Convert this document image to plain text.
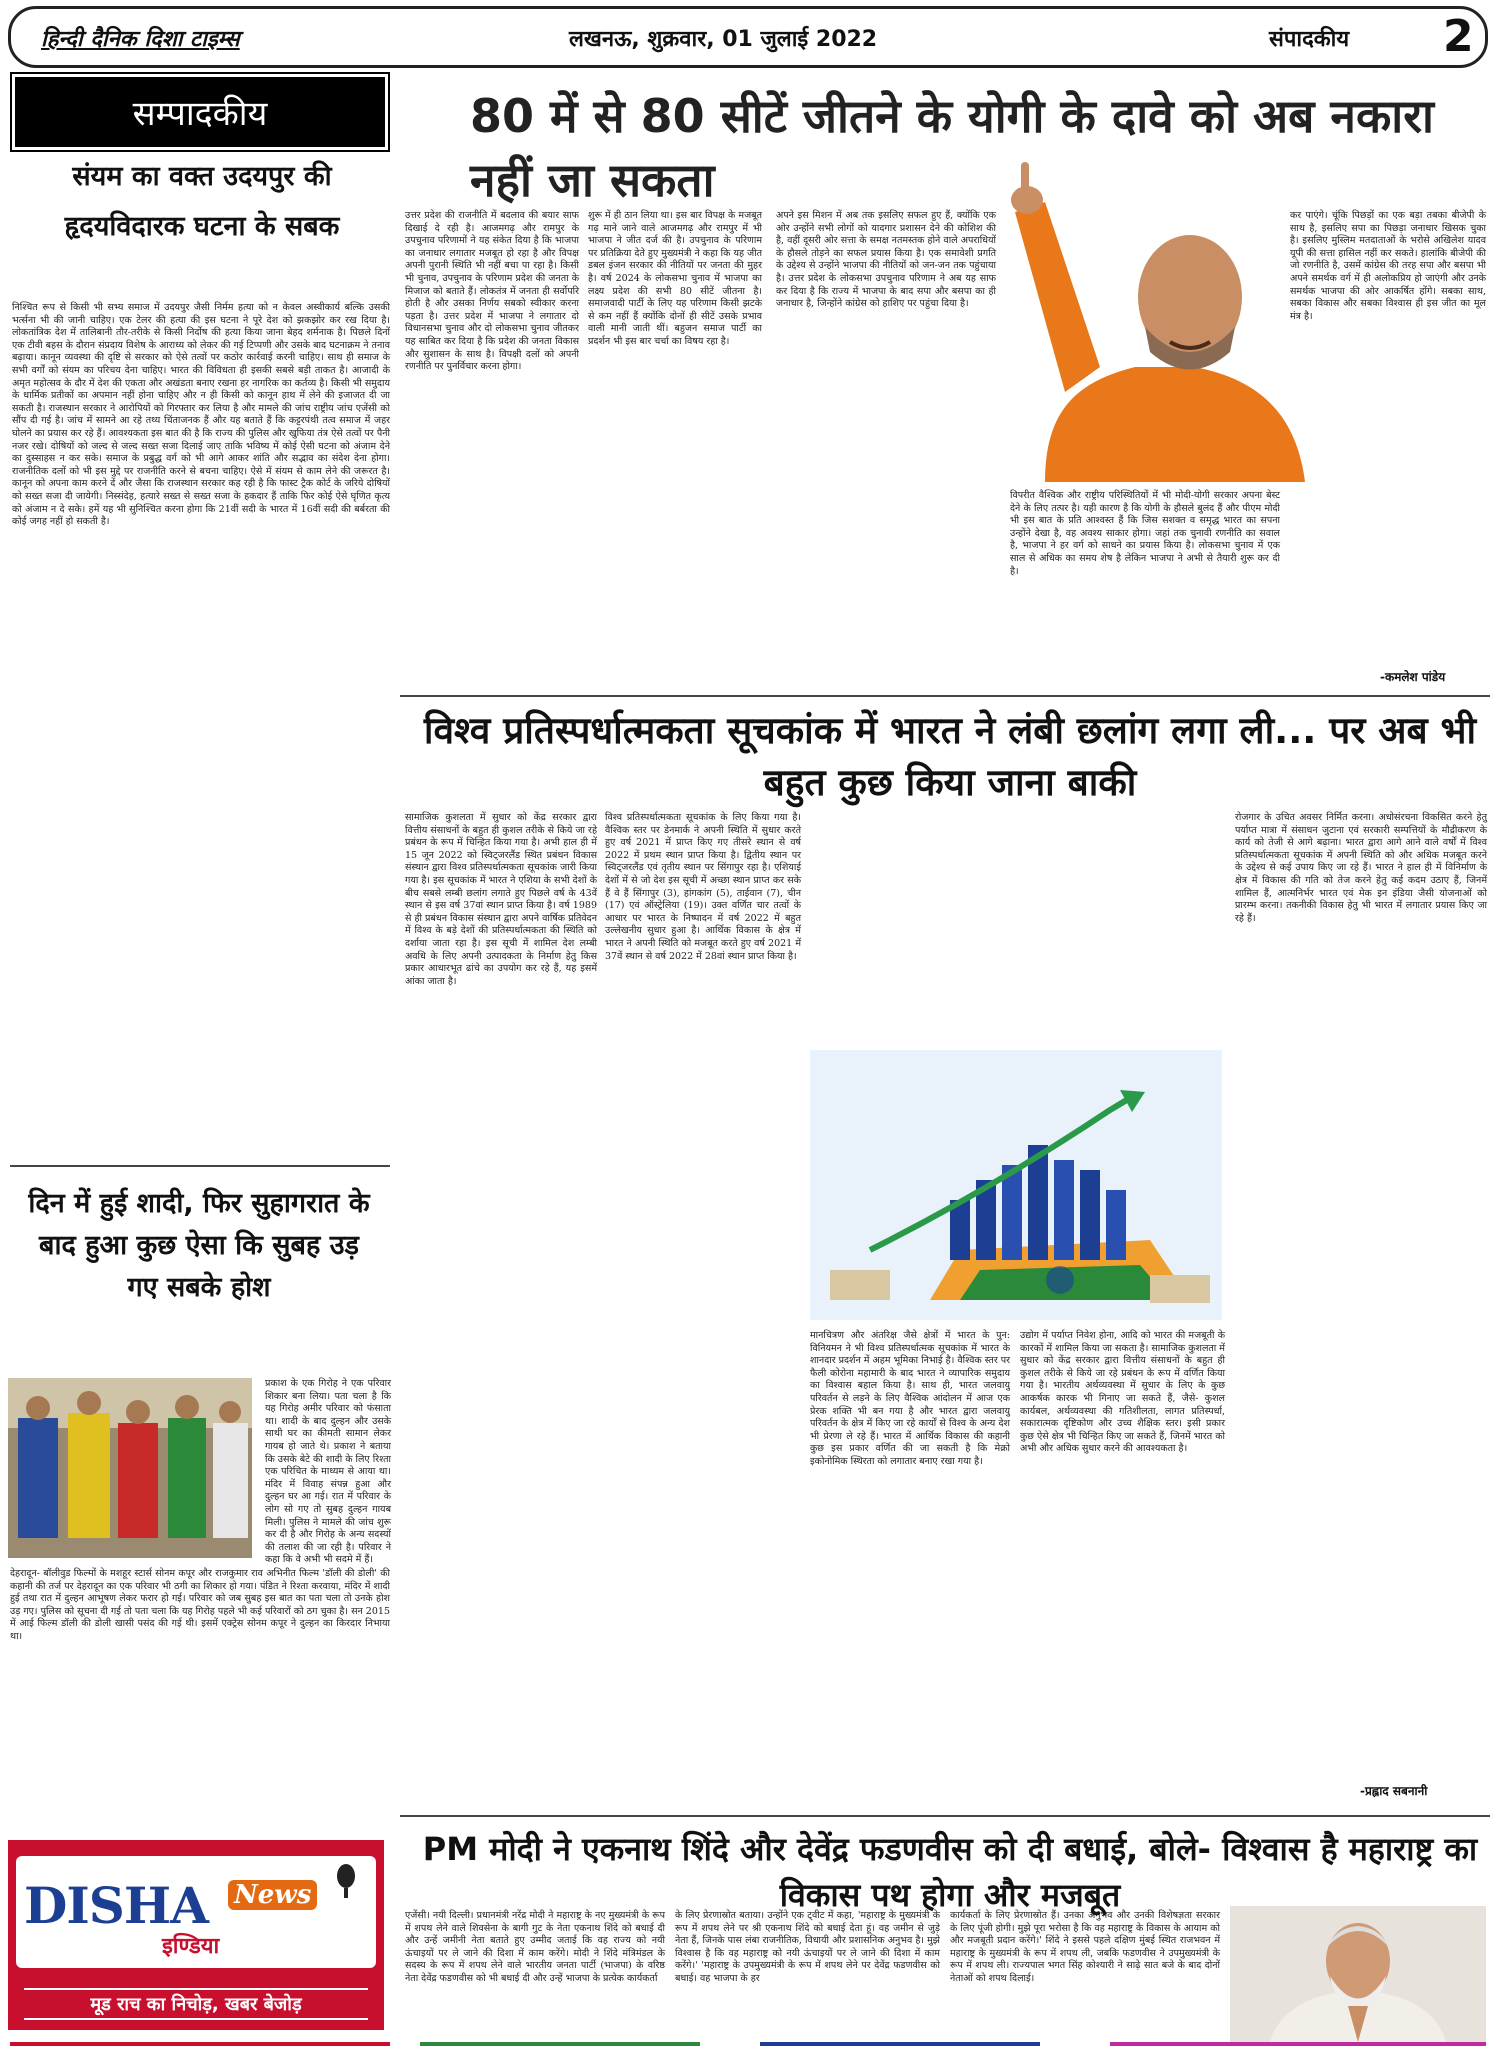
हिन्दी दैनिक दिशा टाइम्स	लखनऊ, शुक्रवार, 01 जुलाई 2022	संपादकीय 2
सम्पादकीय	80 में से 80 सीटें जीतने के योगी के दावे को अब नकारा नहीं जा सकता
संयम का वक्त उदयपुर की हृदयविदारक घटना के सबक
निश्चित रूप से किसी भी सभ्य समाज में उदयपुर जैसी निर्मम हत्या को न केवल अस्वीकार्य बल्कि उसकी भर्त्सना भी की जानी चाहिए। एक टेलर की हत्या की इस घटना ने पूरे देश को झकझोर कर रख दिया है। लोकतांत्रिक देश में तालिबानी तौर-तरीके से किसी निर्दोष की हत्या किया जाना बेहद शर्मनाक है। पिछले दिनों एक टीवी बहस के दौरान संप्रदाय विशेष के आराध्य को लेकर की गई टिप्पणी और उसके बाद घटनाक्रम ने तनाव बढ़ाया। कानून व्यवस्था की दृष्टि से सरकार को ऐसे तत्वों पर कठोर कार्रवाई करनी चाहिए। साथ ही समाज के सभी वर्गों को संयम का परिचय देना चाहिए। भारत की विविधता ही इसकी सबसे बड़ी ताकत है। आजादी के अमृत महोत्सव के दौर में देश की एकता और अखंडता बनाए रखना हर नागरिक का कर्तव्य है। किसी भी समुदाय के धार्मिक प्रतीकों का अपमान नहीं होना चाहिए और न ही किसी को कानून हाथ में लेने की इजाजत दी जा सकती है। राजस्थान सरकार ने आरोपियों को गिरफ्तार कर लिया है और मामले की जांच राष्ट्रीय जांच एजेंसी को सौंप दी गई है। जांच में सामने आ रहे तथ्य चिंताजनक हैं और यह बताते हैं कि कट्टरपंथी तत्व समाज में जहर घोलने का प्रयास कर रहे हैं। आवश्यकता इस बात की है कि राज्य की पुलिस और खुफिया तंत्र ऐसे तत्वों पर पैनी नजर रखे। दोषियों को जल्द से जल्द सख्त सजा दिलाई जाए ताकि भविष्य में कोई ऐसी घटना को अंजाम देने का दुस्साहस न कर सके। समाज के प्रबुद्ध वर्ग को भी आगे आकर शांति और सद्भाव का संदेश देना होगा। राजनीतिक दलों को भी इस मुद्दे पर राजनीति करने से बचना चाहिए। ऐसे में संयम से काम लेने की जरूरत है। कानून को अपना काम करने दें और जैसा कि राजस्थान सरकार कह रही है कि फास्ट ट्रैक कोर्ट के जरिये दोषियों को सख्त सजा दी जायेगी। निस्संदेह, हत्यारे सख्त से सख्त सजा के हकदार हैं ताकि फिर कोई ऐसे घृणित कृत्य को अंजाम न दे सके। हमें यह भी सुनिश्चित करना होगा कि 21वीं सदी के भारत में 16वीं सदी की बर्बरता की कोई जगह नहीं हो सकती है।
उत्तर प्रदेश की राजनीति में बदलाव की बयार साफ दिखाई दे रही है। आजमगढ़ और रामपुर के उपचुनाव परिणामों ने यह संकेत दिया है कि भाजपा का जनाधार लगातार मजबूत हो रहा है और विपक्ष अपनी पुरानी स्थिति भी नहीं बचा पा रहा है। किसी भी चुनाव, उपचुनाव के परिणाम प्रदेश की जनता के मिजाज को बताते हैं। लोकतंत्र में जनता ही सर्वोपरि होती है और उसका निर्णय सबको स्वीकार करना पड़ता है। उत्तर प्रदेश में भाजपा ने लगातार दो विधानसभा चुनाव और दो लोकसभा चुनाव जीतकर यह साबित कर दिया है कि प्रदेश की जनता विकास और सुशासन के साथ है। विपक्षी दलों को अपनी रणनीति पर पुनर्विचार करना होगा।
शुरू में ही ठान लिया था। इस बार विपक्ष के मजबूत गढ़ माने जाने वाले आजमगढ़ और रामपुर में भी भाजपा ने जीत दर्ज की है। उपचुनाव के परिणाम पर प्रतिक्रिया देते हुए मुख्यमंत्री ने कहा कि यह जीत डबल इंजन सरकार की नीतियों पर जनता की मुहर है। वर्ष 2024 के लोकसभा चुनाव में भाजपा का लक्ष्य प्रदेश की सभी 80 सीटें जीतना है। समाजवादी पार्टी के लिए यह परिणाम किसी झटके से कम नहीं हैं क्योंकि दोनों ही सीटें उसके प्रभाव वाली मानी जाती थीं। बहुजन समाज पार्टी का प्रदर्शन भी इस बार चर्चा का विषय रहा है।
अपने इस मिशन में अब तक इसलिए सफल हुए हैं, क्योंकि एक ओर उन्होंने सभी लोगों को यादगार प्रशासन देने की कोशिश की है, वहीं दूसरी ओर सत्ता के समक्ष नतमस्तक होने वाले अपराधियों के हौसले तोड़ने का सफल प्रयास किया है। एक समावेशी प्रगति के उद्देश्य से उन्होंने भाजपा की नीतियों को जन-जन तक पहुंचाया है। उत्तर प्रदेश के लोकसभा उपचुनाव परिणाम ने अब यह साफ कर दिया है कि राज्य में भाजपा के बाद सपा और बसपा का ही जनाधार है, जिन्होंने कांग्रेस को हाशिए पर पहुंचा दिया है।
विपरीत वैश्विक और राष्ट्रीय परिस्थितियों में भी मोदी-योगी सरकार अपना बेस्ट देने के लिए तत्पर है। यही कारण है कि योगी के हौसले बुलंद हैं और पीएम मोदी भी इस बात के प्रति आश्वस्त हैं कि जिस सशक्त व समृद्ध भारत का सपना उन्होंने देखा है, वह अवश्य साकार होगा। जहां तक चुनावी रणनीति का सवाल है, भाजपा ने हर वर्ग को साधने का प्रयास किया है। लोकसभा चुनाव में एक साल से अधिक का समय शेष है लेकिन भाजपा ने अभी से तैयारी शुरू कर दी है।
कर पाएंगे। चूंकि पिछड़ों का एक बड़ा तबका बीजेपी के साथ है, इसलिए सपा का पिछड़ा जनाधार खिसक चुका है। इसलिए मुस्लिम मतदाताओं के भरोसे अखिलेश यादव यूपी की सत्ता हासिल नहीं कर सकते। हालांकि बीजेपी की जो रणनीति है, उसमें कांग्रेस की तरह सपा और बसपा भी अपने समर्थक वर्ग में ही अलोकप्रिय हो जाएंगी और उनके समर्थक भाजपा की ओर आकर्षित होंगे। सबका साथ, सबका विकास और सबका विश्वास ही इस जीत का मूल मंत्र है।
-कमलेश पांडेय
विश्व प्रतिस्पर्धात्मकता सूचकांक में भारत ने लंबी छलांग लगा ली... पर अब भी बहुत कुछ किया जाना बाकी
सामाजिक कुशलता में सुधार को केंद्र सरकार द्वारा वित्तीय संसाधनों के बहुत ही कुशल तरीके से किये जा रहे प्रबंधन के रूप में चिन्हित किया गया है। अभी हाल ही में 15 जून 2022 को स्विट्जरलैंड स्थित प्रबंधन विकास संस्थान द्वारा विश्व प्रतिस्पर्धात्मकता सूचकांक जारी किया गया है। इस सूचकांक में भारत ने एशिया के सभी देशों के बीच सबसे लम्बी छलांग लगाते हुए पिछले वर्ष के 43वें स्थान से इस वर्ष 37वां स्थान प्राप्त किया है। वर्ष 1989 से ही प्रबंधन विकास संस्थान द्वारा अपने वार्षिक प्रतिवेदन में विश्व के बड़े देशों की प्रतिस्पर्धात्मकता की स्थिति को दर्शाया जाता रहा है। इस सूची में शामिल देश लम्बी अवधि के लिए अपनी उत्पादकता के निर्माण हेतु किस प्रकार आधारभूत ढांचे का उपयोग कर रहे हैं, यह इसमें आंका जाता है।
विश्व प्रतिस्पर्धात्मकता सूचकांक के लिए किया गया है। वैश्विक स्तर पर डेनमार्क ने अपनी स्थिति में सुधार करते हुए वर्ष 2021 में प्राप्त किए गए तीसरे स्थान से वर्ष 2022 में प्रथम स्थान प्राप्त किया है। द्वितीय स्थान पर स्विट्जरलैंड एवं तृतीय स्थान पर सिंगापुर रहा है। एशियाई देशों में से जो देश इस सूची में अच्छा स्थान प्राप्त कर सके हैं वे हैं सिंगापुर (3), हांगकांग (5), ताईवान (7), चीन (17) एवं ऑस्ट्रेलिया (19)। उक्त वर्णित चार तत्वों के आधार पर भारत के निष्पादन में वर्ष 2022 में बहुत उल्लेखनीय सुधार हुआ है। आर्थिक विकास के क्षेत्र में भारत ने अपनी स्थिति को मजबूत करते हुए वर्ष 2021 में 37वें स्थान से वर्ष 2022 में 28वां स्थान प्राप्त किया है।
मानचित्रण और अंतरिक्ष जैसे क्षेत्रों में भारत के पुन: विनियमन ने भी विश्व प्रतिस्पर्धात्मक सूचकांक में भारत के शानदार प्रदर्शन में अहम भूमिका निभाई है। वैश्विक स्तर पर फैली कोरोना महामारी के बाद भारत ने व्यापारिक समुदाय का विश्वास बहाल किया है। साथ ही, भारत जलवायु परिवर्तन से लड़ने के लिए वैश्विक आंदोलन में आज एक प्रेरक शक्ति भी बन गया है और भारत द्वारा जलवायु परिवर्तन के क्षेत्र में किए जा रहे कार्यों से विश्व के अन्य देश भी प्रेरणा ले रहे हैं। भारत में आर्थिक विकास की कहानी कुछ इस प्रकार वर्णित की जा सकती है कि मेक्रो इकोनोमिक स्थिरता को लगातार बनाए रखा गया है।
उद्योग में पर्याप्त निवेश होना, आदि को भारत की मजबूती के कारकों में शामिल किया जा सकता है। सामाजिक कुशलता में सुधार को केंद्र सरकार द्वारा वित्तीय संसाधनों के बहुत ही कुशल तरीके से किये जा रहे प्रबंधन के रूप में वर्णित किया गया है। भारतीय अर्थव्यवस्था में सुधार के लिए के कुछ आकर्षक कारक भी गिनाए जा सकते हैं, जैसे- कुशल कार्यबल, अर्थव्यवस्था की गतिशीलता, लागत प्रतिस्पर्धा, सकारात्मक दृष्टिकोण और उच्च शैक्षिक स्तर। इसी प्रकार कुछ ऐसे क्षेत्र भी चिन्हित किए जा सकते हैं, जिनमें भारत को अभी और अधिक सुधार करने की आवश्यकता है।
रोजगार के उचित अवसर निर्मित करना। अधोसंरचना विकसित करने हेतु पर्याप्त मात्रा में संसाधन जुटाना एवं सरकारी सम्पत्तियों के मौद्रीकरण के कार्य को तेजी से आगे बढ़ाना। भारत द्वारा आगे आने वाले वर्षों में विश्व प्रतिस्पर्धात्मकता सूचकांक में अपनी स्थिति को और अधिक मजबूत करने के उद्देश्य से कई उपाय किए जा रहे हैं। भारत ने हाल ही में विनिर्माण के क्षेत्र में विकास की गति को तेज करने हेतु कई कदम उठाए हैं, जिनमें शामिल हैं, आत्मनिर्भर भारत एवं मेक इन इंडिया जैसी योजनाओं को प्रारम्भ करना। तकनीकी विकास हेतु भी भारत में लगातार प्रयास किए जा रहे हैं।
-प्रह्लाद सबनानी
दिन में हुई शादी, फिर सुहागरात के बाद हुआ कुछ ऐसा कि सुबह उड़ गए सबके होश
प्रकाश के एक गिरोह ने एक परिवार शिकार बना लिया। पता चला है कि यह गिरोह अमीर परिवार को फंसाता था। शादी के बाद दुल्हन और उसके साथी घर का कीमती सामान लेकर गायब हो जाते थे। प्रकाश ने बताया कि उसके बेटे की शादी के लिए रिश्ता एक परिचित के माध्यम से आया था। मंदिर में विवाह संपन्न हुआ और दुल्हन घर आ गई। रात में परिवार के लोग सो गए तो सुबह दुल्हन गायब मिली। पुलिस ने मामले की जांच शुरू कर दी है और गिरोह के अन्य सदस्यों की तलाश की जा रही है। परिवार ने कहा कि वे अभी भी सदमे में हैं।
देहरादून- बॉलीवुड फिल्मों के मशहूर स्टार्स सोनम कपूर और राजकुमार राव अभिनीत फिल्म 'डॉली की डोली' की कहानी की तर्ज पर देहरादून का एक परिवार भी ठगी का शिकार हो गया। पंडित ने रिश्ता करवाया, मंदिर में शादी हुई तथा रात में दुल्हन आभूषण लेकर फरार हो गई। परिवार को जब सुबह इस बात का पता चला तो उनके होश उड़ गए। पुलिस को सूचना दी गई तो पता चला कि यह गिरोह पहले भी कई परिवारों को ठग चुका है। सन 2015 में आई फिल्म डॉली की डोली खासी पसंद की गई थी। इसमें एक्ट्रेस सोनम कपूर ने दुल्हन का किरदार निभाया था।
PM मोदी ने एकनाथ शिंदे और देवेंद्र फडणवीस को दी बधाई, बोले- विश्वास है महाराष्ट्र का विकास पथ होगा और मजबूत
एजेंसी। नयी दिल्ली। प्रधानमंत्री नरेंद्र मोदी ने महाराष्ट्र के नए मुख्यमंत्री के रूप में शपथ लेने वाले शिवसेना के बागी गुट के नेता एकनाथ शिंदे को बधाई दी और उन्हें जमीनी नेता बताते हुए उम्मीद जताई कि वह राज्य को नयी ऊंचाइयों पर ले जाने की दिशा में काम करेंगे। मोदी ने शिंदे मंत्रिमंडल के सदस्य के रूप में शपथ लेने वाले भारतीय जनता पार्टी (भाजपा) के वरिष्ठ नेता देवेंद्र फडणवीस को भी बधाई दी और उन्हें भाजपा के प्रत्येक कार्यकर्ता
के लिए प्रेरणास्रोत बताया। उन्होंने एक ट्वीट में कहा, 'महाराष्ट्र के मुख्यमंत्री के रूप में शपथ लेने पर श्री एकनाथ शिंदे को बधाई देता हूं। वह जमीन से जुड़े नेता हैं, जिनके पास लंबा राजनीतिक, विधायी और प्रशासनिक अनुभव है। मुझे विश्वास है कि वह महाराष्ट्र को नयी ऊंचाइयों पर ले जाने की दिशा में काम करेंगे।' 'महाराष्ट्र के उपमुख्यमंत्री के रूप में शपथ लेने पर देवेंद्र फडणवीस को बधाई। वह भाजपा के हर
कार्यकर्ता के लिए प्रेरणास्रोत हैं। उनका अनुभव और उनकी विशेषज्ञता सरकार के लिए पूंजी होगी। मुझे पूरा भरोसा है कि वह महाराष्ट्र के विकास के आयाम को और मजबूती प्रदान करेंगे।' शिंदे ने इससे पहले दक्षिण मुंबई स्थित राजभवन में महाराष्ट्र के मुख्यमंत्री के रूप में शपथ ली, जबकि फडणवीस ने उपमुख्यमंत्री के रूप में शपथ ली। राज्यपाल भगत सिंह कोश्यारी ने साढ़े सात बजे के बाद दोनों नेताओं को शपथ दिलाई।
DISHA News
इण्डिया
मूड राच का निचोड़, खबर बेजोड़
